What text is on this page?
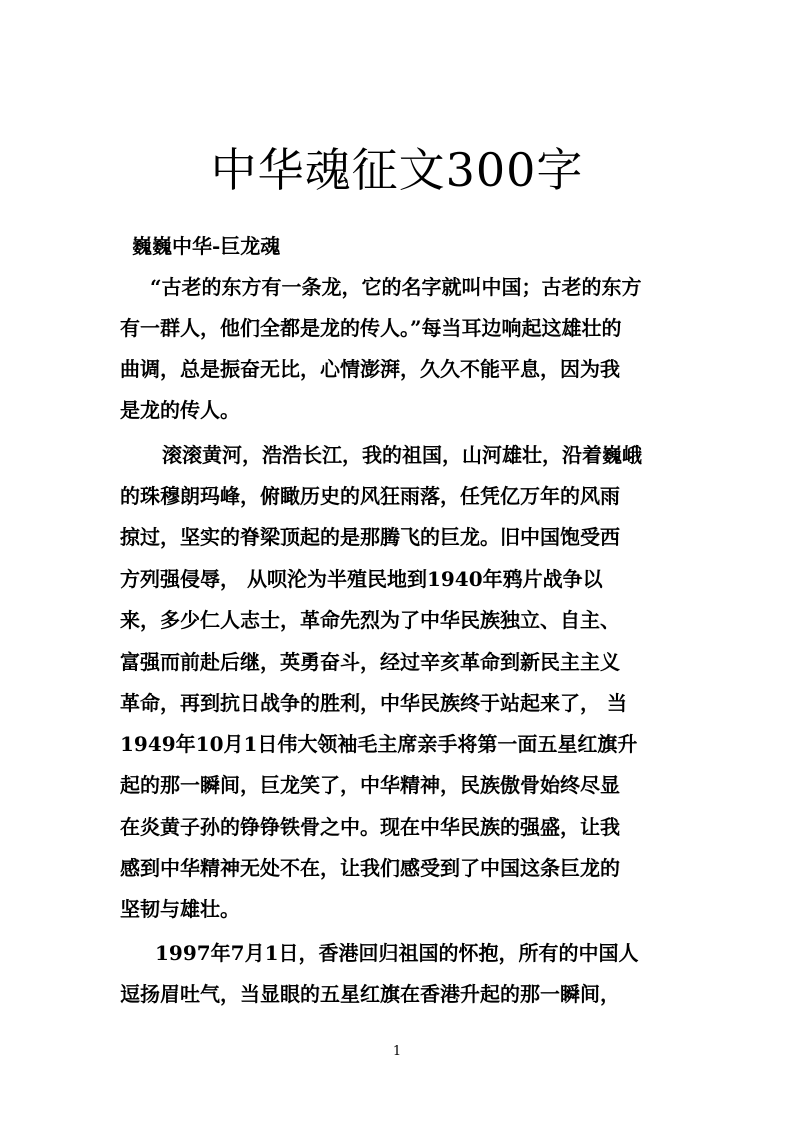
中华魂征文300字
巍巍中华-巨龙魂
“古老的东方有一条龙，它的名字就叫中国；古老的东方
有一群人，他们全都是龙的传人。”每当耳边响起这雄壮的
曲调，总是振奋无比，心情澎湃，久久不能平息，因为我
是龙的传人。
滚滚黄河，浩浩长江，我的祖国，山河雄壮，沿着巍峨
的珠穆朗玛峰，俯瞰历史的风狂雨落，任凭亿万年的风雨
掠过，坚实的脊梁顶起的是那腾飞的巨龙。旧中国饱受西
方列强侵辱， 从呗沦为半殖民地到1940年鸦片战争以
来，多少仁人志士，革命先烈为了中华民族独立、自主、
富强而前赴后继，英勇奋斗，经过辛亥革命到新民主主义
革命，再到抗日战争的胜利，中华民族终于站起来了， 当
1949年10月1日伟大领袖毛主席亲手将第一面五星红旗升
起的那一瞬间，巨龙笑了，中华精神，民族傲骨始终尽显
在炎黄子孙的铮铮铁骨之中。现在中华民族的强盛，让我
感到中华精神无处不在，让我们感受到了中国这条巨龙的
坚韧与雄壮。
1997年7月1日，香港回归祖国的怀抱，所有的中国人
逗扬眉吐气，当显眼的五星红旗在香港升起的那一瞬间，
1
